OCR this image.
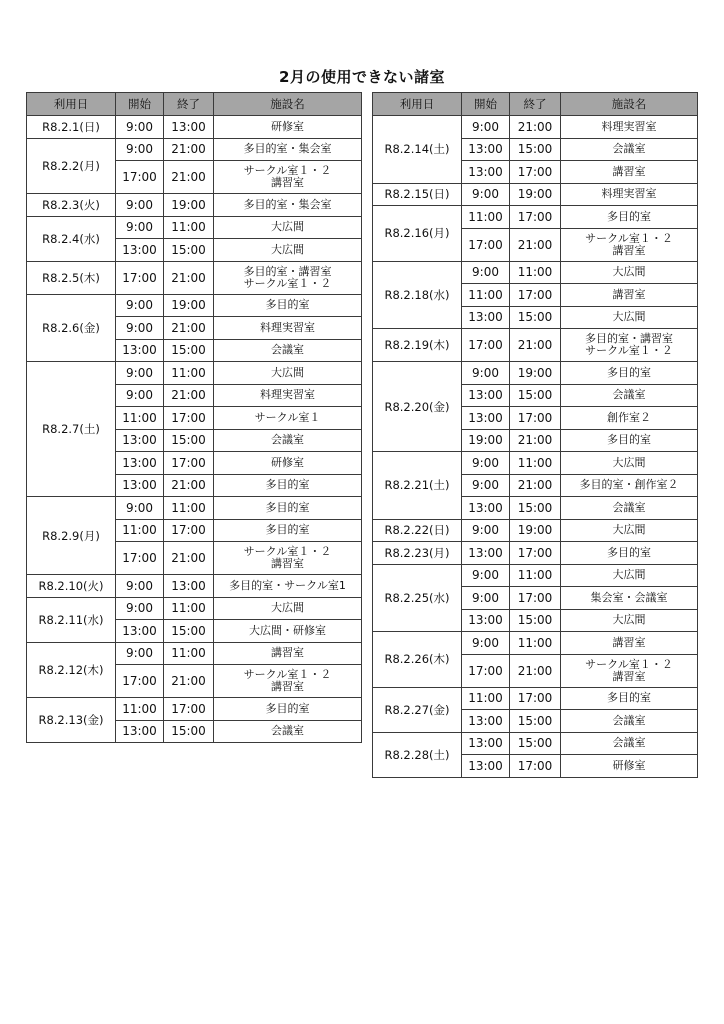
2月の使用できない諸室
利用日	開始	終了	施設名
R8.2.1(日)	9:00	13:00	研修室

R8.2.2(月)	9:00	21:00	多目的室・集会室

	17:00	21:00	サークル室１・２
講習室

R8.2.3(火)	9:00	19:00	多目的室・集会室

R8.2.4(水)	9:00	11:00	大広間

	13:00	15:00	大広間

R8.2.5(木)	17:00	21:00	多目的室・講習室
サークル室１・２

R8.2.6(金)	9:00	19:00	多目的室

	9:00	21:00	料理実習室

	13:00	15:00	会議室

R8.2.7(土)	9:00	11:00	大広間

	9:00	21:00	料理実習室

	11:00	17:00	サークル室１

	13:00	15:00	会議室

	13:00	17:00	研修室

	13:00	21:00	多目的室

R8.2.9(月)	9:00	11:00	多目的室

	11:00	17:00	多目的室

	17:00	21:00	サークル室１・２
講習室

R8.2.10(火)	9:00	13:00	多目的室・サークル室1

R8.2.11(水)	9:00	11:00	大広間

	13:00	15:00	大広間・研修室

R8.2.12(木)	9:00	11:00	講習室

	17:00	21:00	サークル室１・２
講習室

R8.2.13(金)	11:00	17:00	多目的室

	13:00	15:00	会議室
利用日	開始	終了	施設名
R8.2.14(土)	9:00	21:00	料理実習室

	13:00	15:00	会議室

	13:00	17:00	講習室

R8.2.15(日)	9:00	19:00	料理実習室

R8.2.16(月)	11:00	17:00	多目的室

	17:00	21:00	サークル室１・２
講習室

R8.2.18(水)	9:00	11:00	大広間

	11:00	17:00	講習室

	13:00	15:00	大広間

R8.2.19(木)	17:00	21:00	多目的室・講習室
サークル室１・２

R8.2.20(金)	9:00	19:00	多目的室

	13:00	15:00	会議室

	13:00	17:00	創作室２

	19:00	21:00	多目的室

R8.2.21(土)	9:00	11:00	大広間

	9:00	21:00	多目的室・創作室２

	13:00	15:00	会議室

R8.2.22(日)	9:00	19:00	大広間

R8.2.23(月)	13:00	17:00	多目的室

R8.2.25(水)	9:00	11:00	大広間

	9:00	17:00	集会室・会議室

	13:00	15:00	大広間

R8.2.26(木)	9:00	11:00	講習室

	17:00	21:00	サークル室１・２
講習室

R8.2.27(金)	11:00	17:00	多目的室

	13:00	15:00	会議室

R8.2.28(土)	13:00	15:00	会議室

	13:00	17:00	研修室
